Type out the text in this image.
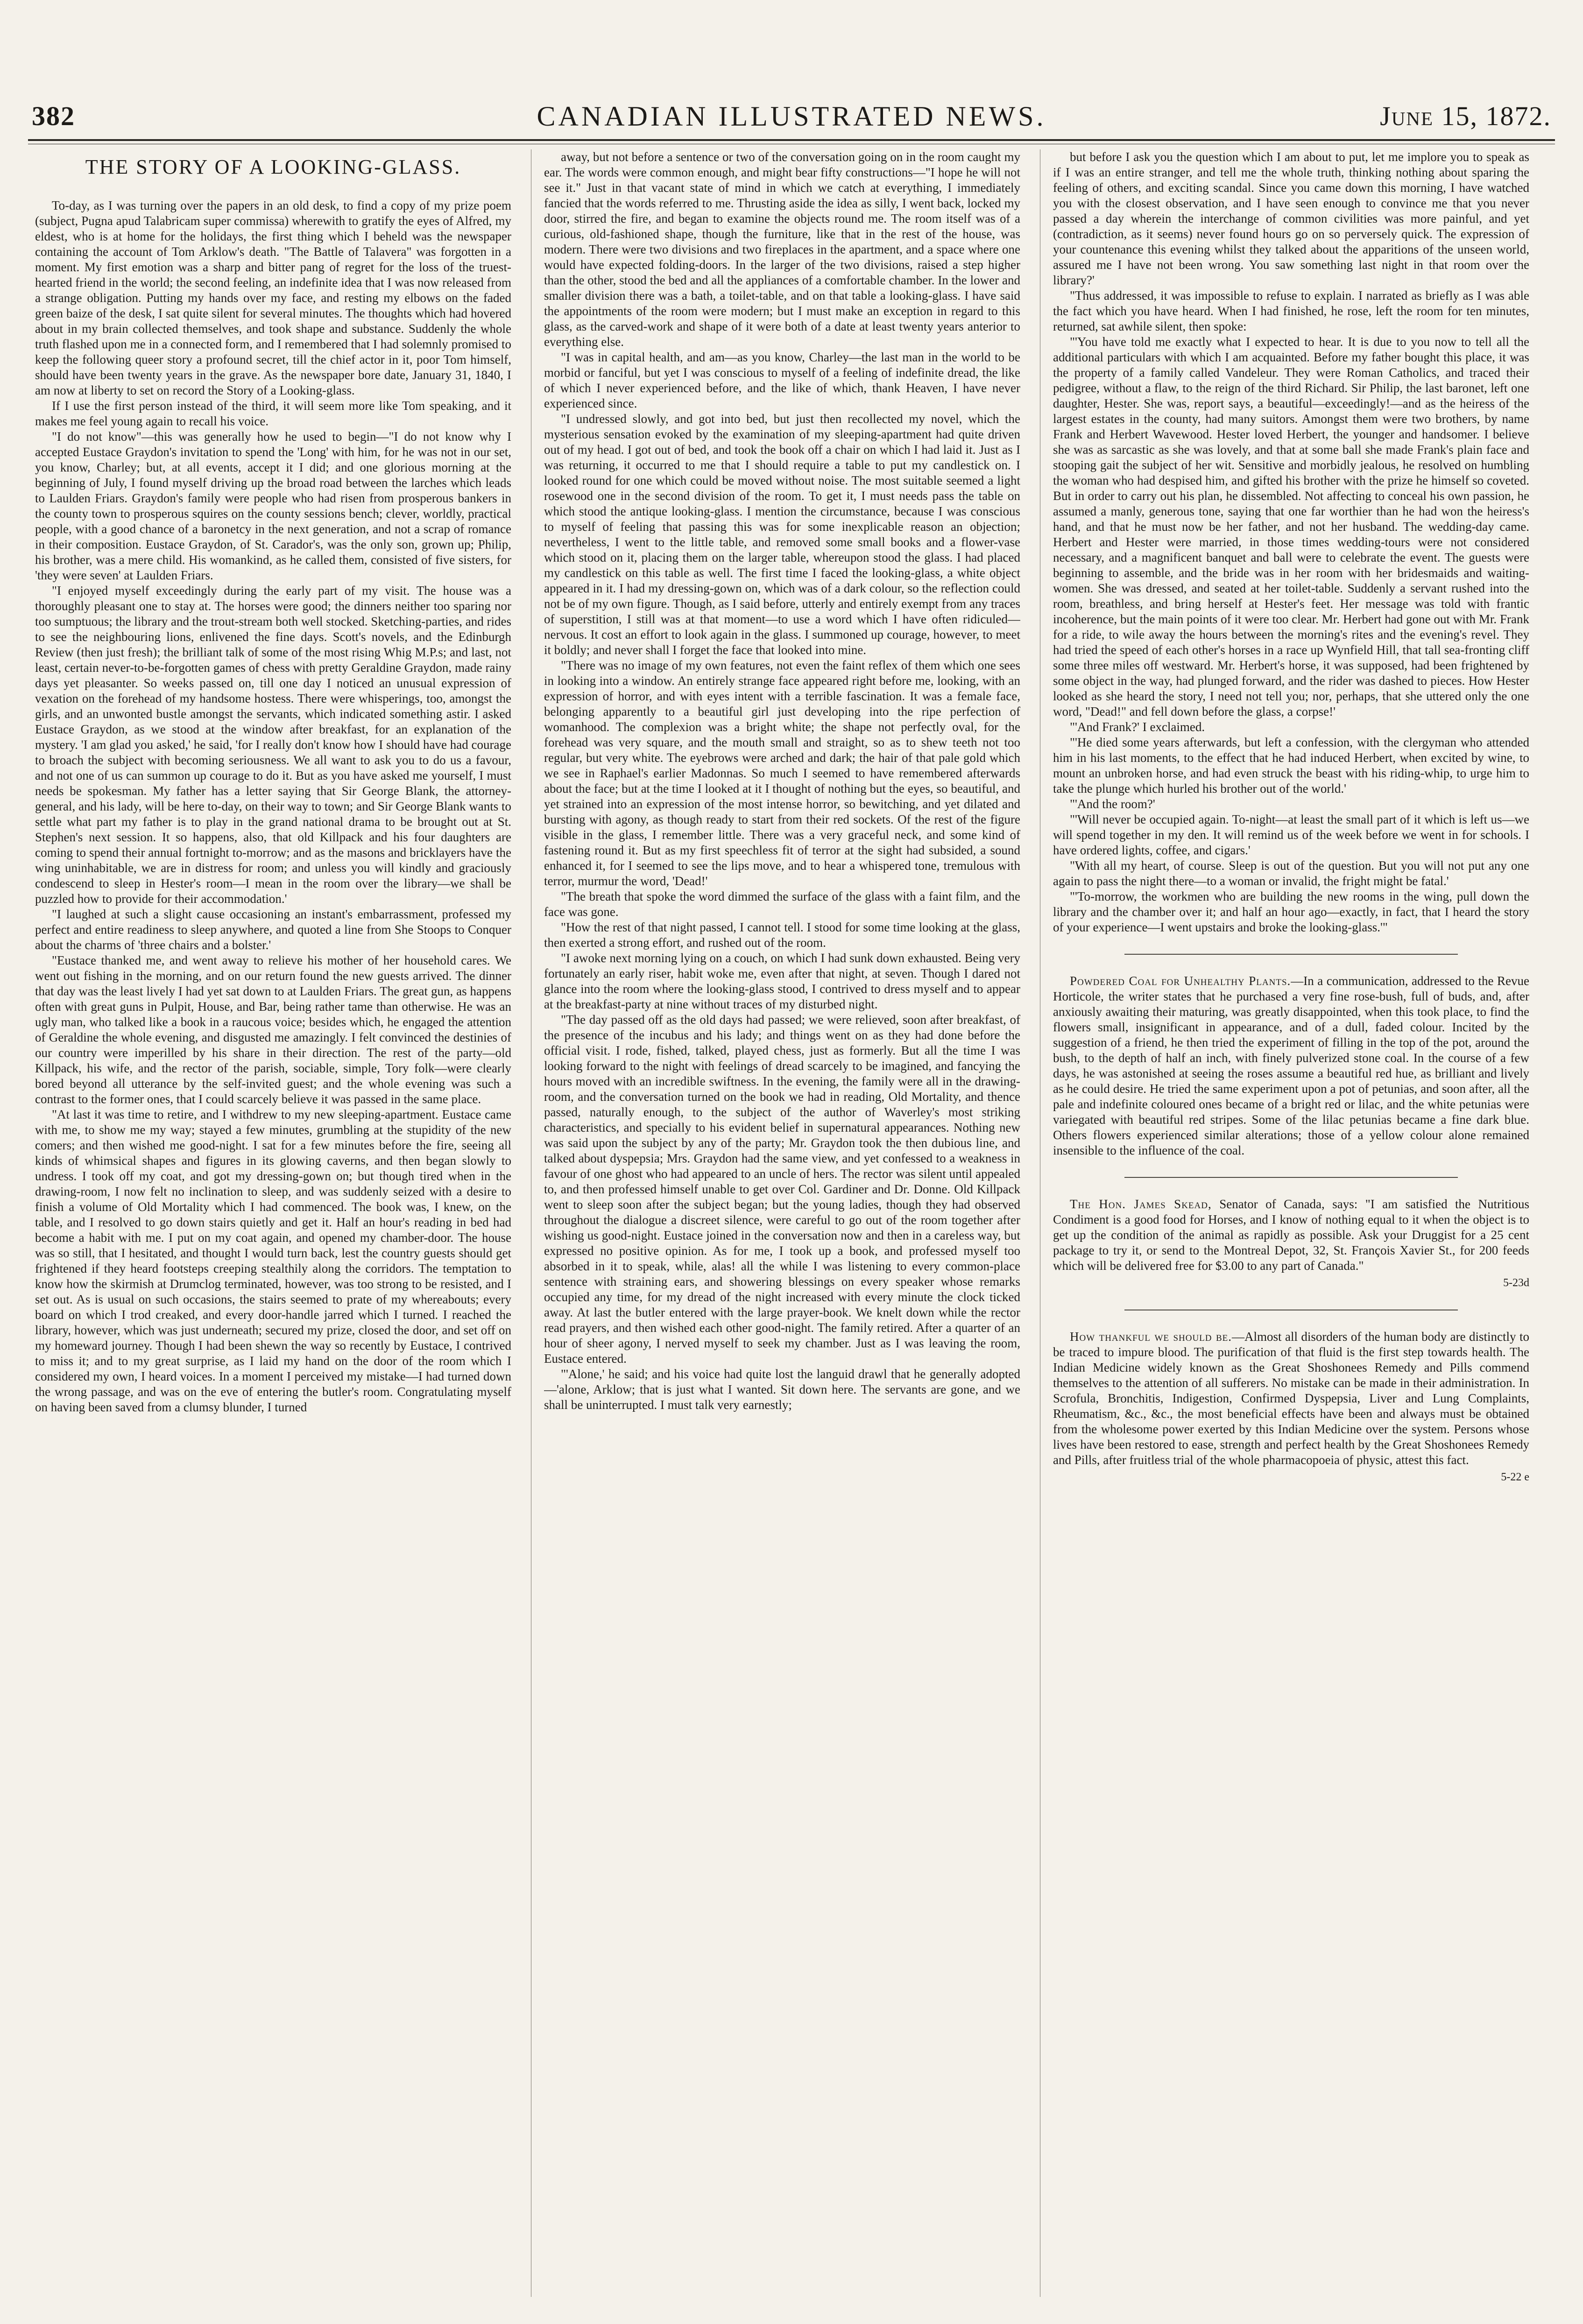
382	CANADIAN ILLUSTRATED NEWS.	June 15, 1872.
THE STORY OF A LOOKING-GLASS.

To-day, as I was turning over the papers in an old desk, to find a copy of my prize poem (subject, Pugna apud Talabricam super commissa) wherewith to gratify the eyes of Alfred, my eldest, who is at home for the holidays, the first thing which I beheld was the newspaper containing the account of Tom Arklow's death. "The Battle of Talavera" was forgotten in a moment. My first emotion was a sharp and bitter pang of regret for the loss of the truest-hearted friend in the world; the second feeling, an indefinite idea that I was now released from a strange obligation. Putting my hands over my face, and resting my elbows on the faded green baize of the desk, I sat quite silent for several minutes. The thoughts which had hovered about in my brain collected themselves, and took shape and substance. Suddenly the whole truth flashed upon me in a connected form, and I remembered that I had solemnly promised to keep the following queer story a profound secret, till the chief actor in it, poor Tom himself, should have been twenty years in the grave. As the newspaper bore date, January 31, 1840, I am now at liberty to set on record the Story of a Looking-glass.

If I use the first person instead of the third, it will seem more like Tom speaking, and it makes me feel young again to recall his voice.

"I do not know"—this was generally how he used to begin—"I do not know why I accepted Eustace Graydon's invitation to spend the 'Long' with him, for he was not in our set, you know, Charley; but, at all events, accept it I did; and one glorious morning at the beginning of July, I found myself driving up the broad road between the larches which leads to Laulden Friars. Graydon's family were people who had risen from prosperous bankers in the county town to prosperous squires on the county sessions bench; clever, worldly, practical people, with a good chance of a baronetcy in the next generation, and not a scrap of romance in their composition. Eustace Graydon, of St. Carador's, was the only son, grown up; Philip, his brother, was a mere child. His womankind, as he called them, consisted of five sisters, for 'they were seven' at Laulden Friars.

"I enjoyed myself exceedingly during the early part of my visit. The house was a thoroughly pleasant one to stay at. The horses were good; the dinners neither too sparing nor too sumptuous; the library and the trout-stream both well stocked. Sketching-parties, and rides to see the neighbouring lions, enlivened the fine days. Scott's novels, and the Edinburgh Review (then just fresh); the brilliant talk of some of the most rising Whig M.P.s; and last, not least, certain never-to-be-forgotten games of chess with pretty Geraldine Graydon, made rainy days yet pleasanter. So weeks passed on, till one day I noticed an unusual expression of vexation on the forehead of my handsome hostess. There were whisperings, too, amongst the girls, and an unwonted bustle amongst the servants, which indicated something astir. I asked Eustace Graydon, as we stood at the window after breakfast, for an explanation of the mystery. 'I am glad you asked,' he said, 'for I really don't know how I should have had courage to broach the subject with becoming seriousness. We all want to ask you to do us a favour, and not one of us can summon up courage to do it. But as you have asked me yourself, I must needs be spokesman. My father has a letter saying that Sir George Blank, the attorney-general, and his lady, will be here to-day, on their way to town; and Sir George Blank wants to settle what part my father is to play in the grand national drama to be brought out at St. Stephen's next session. It so happens, also, that old Killpack and his four daughters are coming to spend their annual fortnight to-morrow; and as the masons and bricklayers have the wing uninhabitable, we are in distress for room; and unless you will kindly and graciously condescend to sleep in Hester's room—I mean in the room over the library—we shall be puzzled how to provide for their accommodation.'

"I laughed at such a slight cause occasioning an instant's embarrassment, professed my perfect and entire readiness to sleep anywhere, and quoted a line from She Stoops to Conquer about the charms of 'three chairs and a bolster.'

"Eustace thanked me, and went away to relieve his mother of her household cares. We went out fishing in the morning, and on our return found the new guests arrived. The dinner that day was the least lively I had yet sat down to at Laulden Friars. The great gun, as happens often with great guns in Pulpit, House, and Bar, being rather tame than otherwise. He was an ugly man, who talked like a book in a raucous voice; besides which, he engaged the attention of Geraldine the whole evening, and disgusted me amazingly. I felt convinced the destinies of our country were imperilled by his share in their direction. The rest of the party—old Killpack, his wife, and the rector of the parish, sociable, simple, Tory folk—were clearly bored beyond all utterance by the self-invited guest; and the whole evening was such a contrast to the former ones, that I could scarcely believe it was passed in the same place.

"At last it was time to retire, and I withdrew to my new sleeping-apartment. Eustace came with me, to show me my way; stayed a few minutes, grumbling at the stupidity of the new comers; and then wished me good-night. I sat for a few minutes before the fire, seeing all kinds of whimsical shapes and figures in its glowing caverns, and then began slowly to undress. I took off my coat, and got my dressing-gown on; but though tired when in the drawing-room, I now felt no inclination to sleep, and was suddenly seized with a desire to finish a volume of Old Mortality which I had commenced. The book was, I knew, on the table, and I resolved to go down stairs quietly and get it. Half an hour's reading in bed had become a habit with me. I put on my coat again, and opened my chamber-door. The house was so still, that I hesitated, and thought I would turn back, lest the country guests should get frightened if they heard footsteps creeping stealthily along the corridors. The temptation to know how the skirmish at Drumclog terminated, however, was too strong to be resisted, and I set out. As is usual on such occasions, the stairs seemed to prate of my whereabouts; every board on which I trod creaked, and every door-handle jarred which I turned. I reached the library, however, which was just underneath; secured my prize, closed the door, and set off on my homeward journey. Though I had been shewn the way so recently by Eustace, I contrived to miss it; and to my great surprise, as I laid my hand on the door of the room which I considered my own, I heard voices. In a moment I perceived my mistake—I had turned down the wrong passage, and was on the eve of entering the butler's room. Congratulating myself on having been saved from a clumsy blunder, I turned

away, but not before a sentence or two of the conversation going on in the room caught my ear. The words were common enough, and might bear fifty constructions—"I hope he will not see it." Just in that vacant state of mind in which we catch at everything, I immediately fancied that the words referred to me. Thrusting aside the idea as silly, I went back, locked my door, stirred the fire, and began to examine the objects round me. The room itself was of a curious, old-fashioned shape, though the furniture, like that in the rest of the house, was modern. There were two divisions and two fireplaces in the apartment, and a space where one would have expected folding-doors. In the larger of the two divisions, raised a step higher than the other, stood the bed and all the appliances of a comfortable chamber. In the lower and smaller division there was a bath, a toilet-table, and on that table a looking-glass. I have said the appointments of the room were modern; but I must make an exception in regard to this glass, as the carved-work and shape of it were both of a date at least twenty years anterior to everything else.

"I was in capital health, and am—as you know, Charley—the last man in the world to be morbid or fanciful, but yet I was conscious to myself of a feeling of indefinite dread, the like of which I never experienced before, and the like of which, thank Heaven, I have never experienced since.

"I undressed slowly, and got into bed, but just then recollected my novel, which the mysterious sensation evoked by the examination of my sleeping-apartment had quite driven out of my head. I got out of bed, and took the book off a chair on which I had laid it. Just as I was returning, it occurred to me that I should require a table to put my candlestick on. I looked round for one which could be moved without noise. The most suitable seemed a light rosewood one in the second division of the room. To get it, I must needs pass the table on which stood the antique looking-glass. I mention the circumstance, because I was conscious to myself of feeling that passing this was for some inexplicable reason an objection; nevertheless, I went to the little table, and removed some small books and a flower-vase which stood on it, placing them on the larger table, whereupon stood the glass. I had placed my candlestick on this table as well. The first time I faced the looking-glass, a white object appeared in it. I had my dressing-gown on, which was of a dark colour, so the reflection could not be of my own figure. Though, as I said before, utterly and entirely exempt from any traces of superstition, I still was at that moment—to use a word which I have often ridiculed—nervous. It cost an effort to look again in the glass. I summoned up courage, however, to meet it boldly; and never shall I forget the face that looked into mine.

"There was no image of my own features, not even the faint reflex of them which one sees in looking into a window. An entirely strange face appeared right before me, looking, with an expression of horror, and with eyes intent with a terrible fascination. It was a female face, belonging apparently to a beautiful girl just developing into the ripe perfection of womanhood. The complexion was a bright white; the shape not perfectly oval, for the forehead was very square, and the mouth small and straight, so as to shew teeth not too regular, but very white. The eyebrows were arched and dark; the hair of that pale gold which we see in Raphael's earlier Madonnas. So much I seemed to have remembered afterwards about the face; but at the time I looked at it I thought of nothing but the eyes, so beautiful, and yet strained into an expression of the most intense horror, so bewitching, and yet dilated and bursting with agony, as though ready to start from their red sockets. Of the rest of the figure visible in the glass, I remember little. There was a very graceful neck, and some kind of fastening round it. But as my first speechless fit of terror at the sight had subsided, a sound enhanced it, for I seemed to see the lips move, and to hear a whispered tone, tremulous with terror, murmur the word, 'Dead!'

"The breath that spoke the word dimmed the surface of the glass with a faint film, and the face was gone.

"How the rest of that night passed, I cannot tell. I stood for some time looking at the glass, then exerted a strong effort, and rushed out of the room.

"I awoke next morning lying on a couch, on which I had sunk down exhausted. Being very fortunately an early riser, habit woke me, even after that night, at seven. Though I dared not glance into the room where the looking-glass stood, I contrived to dress myself and to appear at the breakfast-party at nine without traces of my disturbed night.

"The day passed off as the old days had passed; we were relieved, soon after breakfast, of the presence of the incubus and his lady; and things went on as they had done before the official visit. I rode, fished, talked, played chess, just as formerly. But all the time I was looking forward to the night with feelings of dread scarcely to be imagined, and fancying the hours moved with an incredible swiftness. In the evening, the family were all in the drawing-room, and the conversation turned on the book we had in reading, Old Mortality, and thence passed, naturally enough, to the subject of the author of Waverley's most striking characteristics, and specially to his evident belief in supernatural appearances. Nothing new was said upon the subject by any of the party; Mr. Graydon took the then dubious line, and talked about dyspepsia; Mrs. Graydon had the same view, and yet confessed to a weakness in favour of one ghost who had appeared to an uncle of hers. The rector was silent until appealed to, and then professed himself unable to get over Col. Gardiner and Dr. Donne. Old Killpack went to sleep soon after the subject began; but the young ladies, though they had observed throughout the dialogue a discreet silence, were careful to go out of the room together after wishing us good-night. Eustace joined in the conversation now and then in a careless way, but expressed no positive opinion. As for me, I took up a book, and professed myself too absorbed in it to speak, while, alas! all the while I was listening to every common-place sentence with straining ears, and showering blessings on every speaker whose remarks occupied any time, for my dread of the night increased with every minute the clock ticked away. At last the butler entered with the large prayer-book. We knelt down while the rector read prayers, and then wished each other good-night. The family retired. After a quarter of an hour of sheer agony, I nerved myself to seek my chamber. Just as I was leaving the room, Eustace entered.

"'Alone,' he said; and his voice had quite lost the languid drawl that he generally adopted—'alone, Arklow; that is just what I wanted. Sit down here. The servants are gone, and we shall be uninterrupted. I must talk very earnestly;

but before I ask you the question which I am about to put, let me implore you to speak as if I was an entire stranger, and tell me the whole truth, thinking nothing about sparing the feeling of others, and exciting scandal. Since you came down this morning, I have watched you with the closest observation, and I have seen enough to convince me that you never passed a day wherein the interchange of common civilities was more painful, and yet (contradiction, as it seems) never found hours go on so perversely quick. The expression of your countenance this evening whilst they talked about the apparitions of the unseen world, assured me I have not been wrong. You saw something last night in that room over the library?'

"Thus addressed, it was impossible to refuse to explain. I narrated as briefly as I was able the fact which you have heard. When I had finished, he rose, left the room for ten minutes, returned, sat awhile silent, then spoke:

"'You have told me exactly what I expected to hear. It is due to you now to tell all the additional particulars with which I am acquainted. Before my father bought this place, it was the property of a family called Vandeleur. They were Roman Catholics, and traced their pedigree, without a flaw, to the reign of the third Richard. Sir Philip, the last baronet, left one daughter, Hester. She was, report says, a beautiful—exceedingly!—and as the heiress of the largest estates in the county, had many suitors. Amongst them were two brothers, by name Frank and Herbert Wavewood. Hester loved Herbert, the younger and handsomer. I believe she was as sarcastic as she was lovely, and that at some ball she made Frank's plain face and stooping gait the subject of her wit. Sensitive and morbidly jealous, he resolved on humbling the woman who had despised him, and gifted his brother with the prize he himself so coveted. But in order to carry out his plan, he dissembled. Not affecting to conceal his own passion, he assumed a manly, generous tone, saying that one far worthier than he had won the heiress's hand, and that he must now be her father, and not her husband. The wedding-day came. Herbert and Hester were married, in those times wedding-tours were not considered necessary, and a magnificent banquet and ball were to celebrate the event. The guests were beginning to assemble, and the bride was in her room with her bridesmaids and waiting-women. She was dressed, and seated at her toilet-table. Suddenly a servant rushed into the room, breathless, and bring herself at Hester's feet. Her message was told with frantic incoherence, but the main points of it were too clear. Mr. Herbert had gone out with Mr. Frank for a ride, to wile away the hours between the morning's rites and the evening's revel. They had tried the speed of each other's horses in a race up Wynfield Hill, that tall sea-fronting cliff some three miles off westward. Mr. Herbert's horse, it was supposed, had been frightened by some object in the way, had plunged forward, and the rider was dashed to pieces. How Hester looked as she heard the story, I need not tell you; nor, perhaps, that she uttered only the one word, "Dead!" and fell down before the glass, a corpse!'

"'And Frank?' I exclaimed.

"'He died some years afterwards, but left a confession, with the clergyman who attended him in his last moments, to the effect that he had induced Herbert, when excited by wine, to mount an unbroken horse, and had even struck the beast with his riding-whip, to urge him to take the plunge which hurled his brother out of the world.'

"'And the room?'

"'Will never be occupied again. To-night—at least the small part of it which is left us—we will spend together in my den. It will remind us of the week before we went in for schools. I have ordered lights, coffee, and cigars.'

"With all my heart, of course. Sleep is out of the question. But you will not put any one again to pass the night there—to a woman or invalid, the fright might be fatal.'

"'To-morrow, the workmen who are building the new rooms in the wing, pull down the library and the chamber over it; and half an hour ago—exactly, in fact, that I heard the story of your experience—I went upstairs and broke the looking-glass.'"

Powdered Coal for Unhealthy Plants.—In a communication, addressed to the Revue Horticole, the writer states that he purchased a very fine rose-bush, full of buds, and, after anxiously awaiting their maturing, was greatly disappointed, when this took place, to find the flowers small, insignificant in appearance, and of a dull, faded colour. Incited by the suggestion of a friend, he then tried the experiment of filling in the top of the pot, around the bush, to the depth of half an inch, with finely pulverized stone coal. In the course of a few days, he was astonished at seeing the roses assume a beautiful red hue, as brilliant and lively as he could desire. He tried the same experiment upon a pot of petunias, and soon after, all the pale and indefinite coloured ones became of a bright red or lilac, and the white petunias were variegated with beautiful red stripes. Some of the lilac petunias became a fine dark blue. Others flowers experienced similar alterations; those of a yellow colour alone remained insensible to the influence of the coal.

The Hon. James Skead, Senator of Canada, says: "I am satisfied the Nutritious Condiment is a good food for Horses, and I know of nothing equal to it when the object is to get up the condition of the animal as rapidly as possible. Ask your Druggist for a 25 cent package to try it, or send to the Montreal Depot, 32, St. François Xavier St., for 200 feeds which will be delivered free for $3.00 to any part of Canada."

5-23d

How thankful we should be.—Almost all disorders of the human body are distinctly to be traced to impure blood. The purification of that fluid is the first step towards health. The Indian Medicine widely known as the Great Shoshonees Remedy and Pills commend themselves to the attention of all sufferers. No mistake can be made in their administration. In Scrofula, Bronchitis, Indigestion, Confirmed Dyspepsia, Liver and Lung Complaints, Rheumatism, &c., &c., the most beneficial effects have been and always must be obtained from the wholesome power exerted by this Indian Medicine over the system. Persons whose lives have been restored to ease, strength and perfect health by the Great Shoshonees Remedy and Pills, after fruitless trial of the whole pharmacopoeia of physic, attest this fact.

5-22 e
